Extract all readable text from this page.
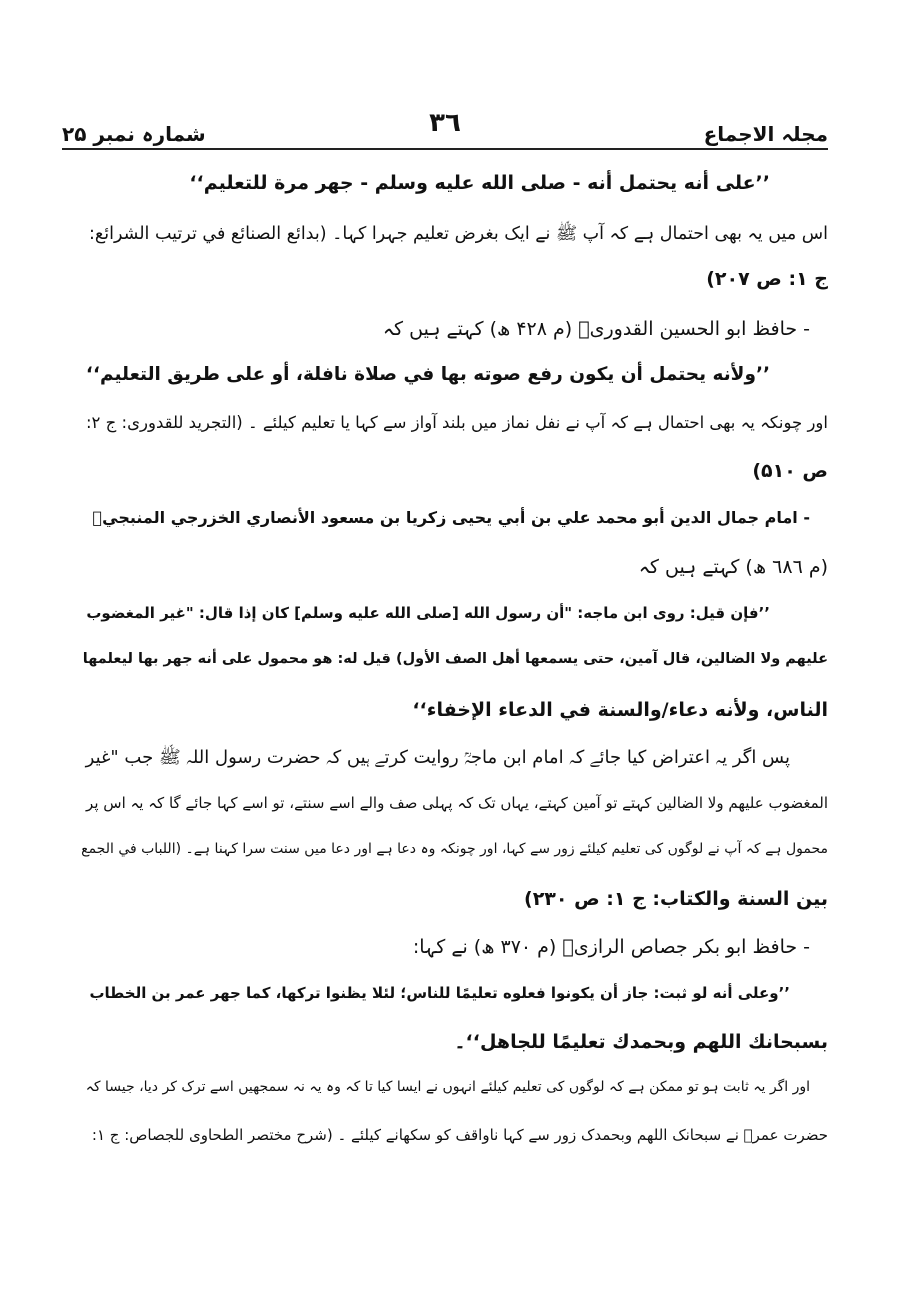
مجلہ الاجماع
۳٦
شمارہ نمبر ۲۵
’’علی أنه یحتمل أنه - صلى الله علیه وسلم - جهر مرة للتعلیم‘‘
اس میں یہ بھی احتمال ہے کہ آپ ﷺ نے ایک بغرض تعلیم جہرا کہا۔ (بدائع الصنائع في ترتیب الشرائع:
ج ۱: ص ۲۰۷)
- حافظ ابو الحسین القدوریؒ (م ۴۲۸ ھ) کہتے ہیں کہ
’’ولأنه یحتمل أن یکون رفع صوته بها في صلاة نافلة، أو علی طریق التعلیم‘‘
اور چونکہ یہ بھی احتمال ہے کہ آپ نے نفل نماز میں بلند آواز سے کہا یا تعلیم کیلئے ۔ (التجرید للقدوری: ج ۲:
ص ۵۱۰)
- امام جمال الدین أبو محمد علي بن أبي یحیی زکریا بن مسعود الأنصاري الخزرجي المنبجيؒ
(م ٦۸٦ ھ) کہتے ہیں کہ
’’فإن قیل: روى ابن ماجه: "أن رسول الله [صلى الله علیه وسلم] کان إذا قال: "غیر المغضوب
علیهم ولا الضالین، قال آمین، حتی یسمعها أهل الصف الأول) قیل له: هو محمول علی أنه جهر بها لیعلمها
الناس، ولأنه دعاء/والسنة في الدعاء الإخفاء‘‘
پس اگر یہ اعتراض کیا جائے کہ امام ابن ماجہؒ روایت کرتے ہیں کہ حضرت رسول اللہ ﷺ جب "غیر
المغضوب علیهم ولا الضالین کہتے تو آمین کہتے، یہاں تک کہ پہلی صف والے اسے سنتے، تو اسے کہا جائے گا کہ یہ اس پر
محمول ہے کہ آپ نے لوگوں کی تعلیم کیلئے زور سے کہا، اور چونکہ وہ دعا ہے اور دعا میں سنت سرا کہنا ہے۔ (اللباب في الجمع
بین السنة والکتاب: ج ۱: ص ۲۳۰)
- حافظ ابو بکر جصاص الرازیؒ (م ۳۷۰ ھ) نے کہا:
’’وعلی أنه لو ثبت: جاز أن یکونوا فعلوه تعلیمًا للناس؛ لئلا یظنوا ترکها، کما جهر عمر بن الخطاب
بسبحانك اللهم وبحمدك تعلیمًا للجاهل‘‘۔
اور اگر یہ ثابت ہو تو ممکن ہے کہ لوگوں کی تعلیم کیلئے انہوں نے ایسا کیا تا کہ وہ یہ نہ سمجھیں اسے ترک کر دیا، جیسا کہ
حضرت عمرؓ نے سبحانک اللھم وبحمدک زور سے کہا ناواقف کو سکھانے کیلئے ۔ (شرح مختصر الطحاوی للجصاص: ج ۱:
